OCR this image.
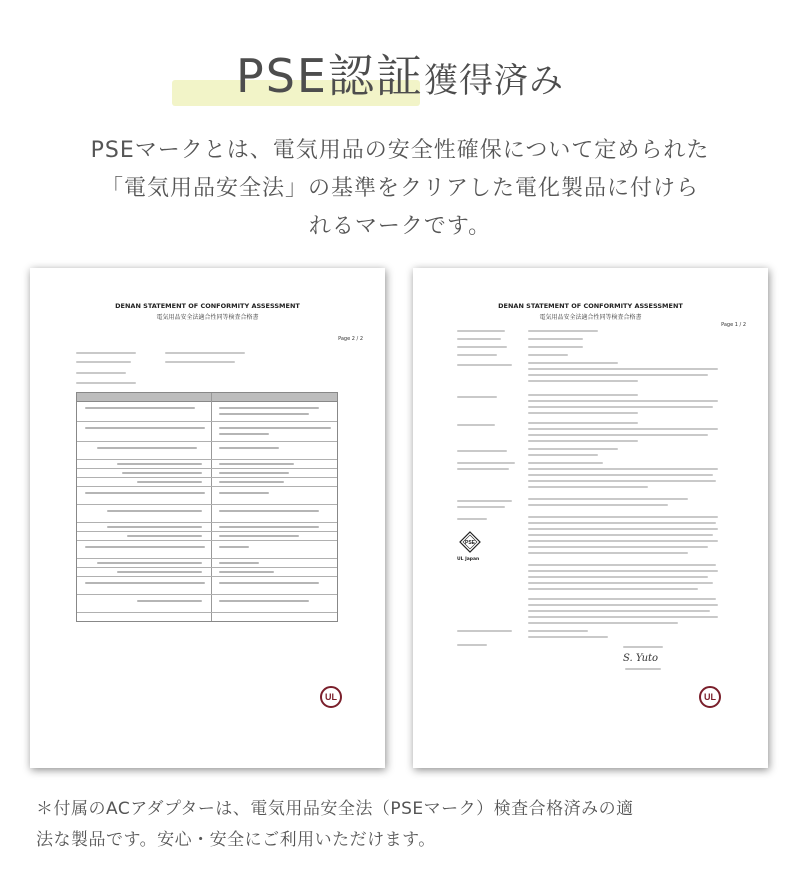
PSE認証獲得済み
PSEマークとは、電気用品の安全性確保について定められた
「電気用品安全法」の基準をクリアした電化製品に付けら
れるマークです。
DENAN STATEMENT OF CONFORMITY ASSESSMENT
電気用品安全法適合性同等検査合格書
Page 2 / 2
UL
DENAN STATEMENT OF CONFORMITY ASSESSMENT
電気用品安全法適合性同等検査合格書
Page 1 / 2
PSE
UL Japan
S. Yuto
UL
＊付属のACアダプターは、電気用品安全法（PSEマーク）検査合格済みの適
法な製品です。安心・安全にご利用いただけます。
